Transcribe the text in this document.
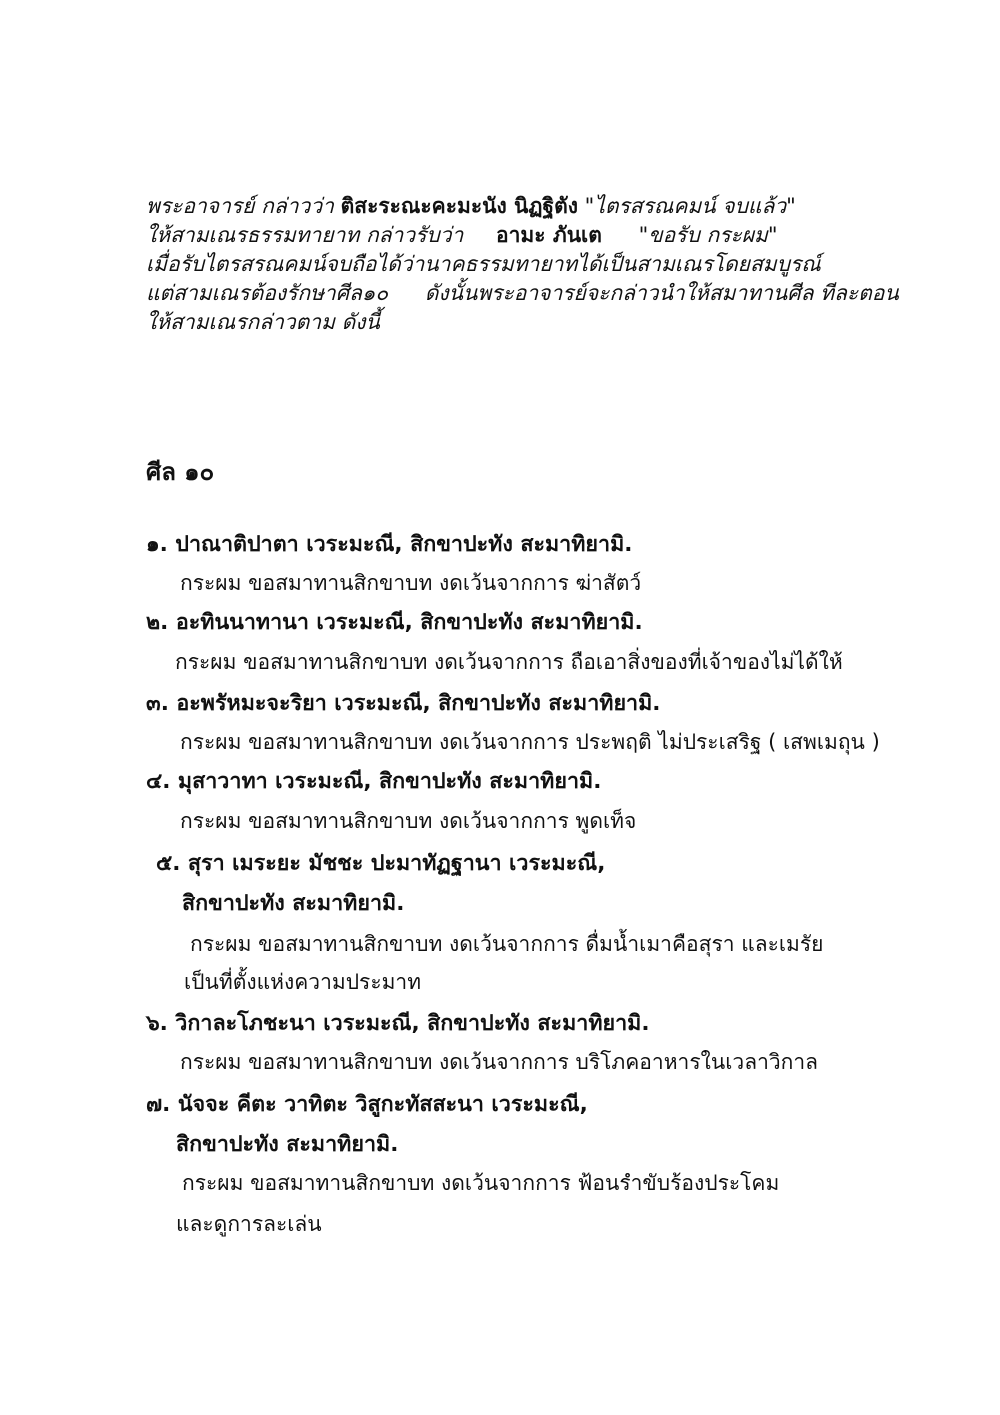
พระอาจารย์ กล่าวว่า ติสะระณะคะมะนัง นิฏฐิตัง "ไตรสรณคมน์ จบแล้ว"
ให้สามเณรธรรมทายาท กล่าวรับว่า อามะ ภันเต "ขอรับ กระผม"
เมื่อรับไตรสรณคมน์จบถือได้ว่านาคธรรมทายาทได้เป็นสามเณรโดยสมบูรณ์
แต่สามเณรต้องรักษาศีล๑๐ ดังนั้นพระอาจารย์จะกล่าวนำให้สมาทานศีล ทีละตอน
ให้สามเณรกล่าวตาม ดังนี้
ศีล ๑๐
๑. ปาณาติปาตา เวระมะณี, สิกขาปะทัง สะมาทิยามิ.
กระผม ขอสมาทานสิกขาบท งดเว้นจากการ ฆ่าสัตว์
๒. อะทินนาทานา เวระมะณี, สิกขาปะทัง สะมาทิยามิ.
กระผม ขอสมาทานสิกขาบท งดเว้นจากการ ถือเอาสิ่งของที่เจ้าของไม่ได้ให้
๓. อะพรัหมะจะริยา เวระมะณี, สิกขาปะทัง สะมาทิยามิ.
กระผม ขอสมาทานสิกขาบท งดเว้นจากการ ประพฤติ ไม่ประเสริฐ ( เสพเมถุน )
๔. มุสาวาทา เวระมะณี, สิกขาปะทัง สะมาทิยามิ.
กระผม ขอสมาทานสิกขาบท งดเว้นจากการ พูดเท็จ
๕. สุรา เมระยะ มัชชะ ปะมาทัฏฐานา เวระมะณี,
สิกขาปะทัง สะมาทิยามิ.
กระผม ขอสมาทานสิกขาบท งดเว้นจากการ ดื่มน้ำเมาคือสุรา และเมรัย
เป็นที่ตั้งแห่งความประมาท
๖. วิกาละโภชะนา เวระมะณี, สิกขาปะทัง สะมาทิยามิ.
กระผม ขอสมาทานสิกขาบท งดเว้นจากการ บริโภคอาหารในเวลาวิกาล
๗. นัจจะ คีตะ วาทิตะ วิสูกะทัสสะนา เวระมะณี,
สิกขาปะทัง สะมาทิยามิ.
กระผม ขอสมาทานสิกขาบท งดเว้นจากการ ฟ้อนรำขับร้องประโคม
และดูการละเล่น
